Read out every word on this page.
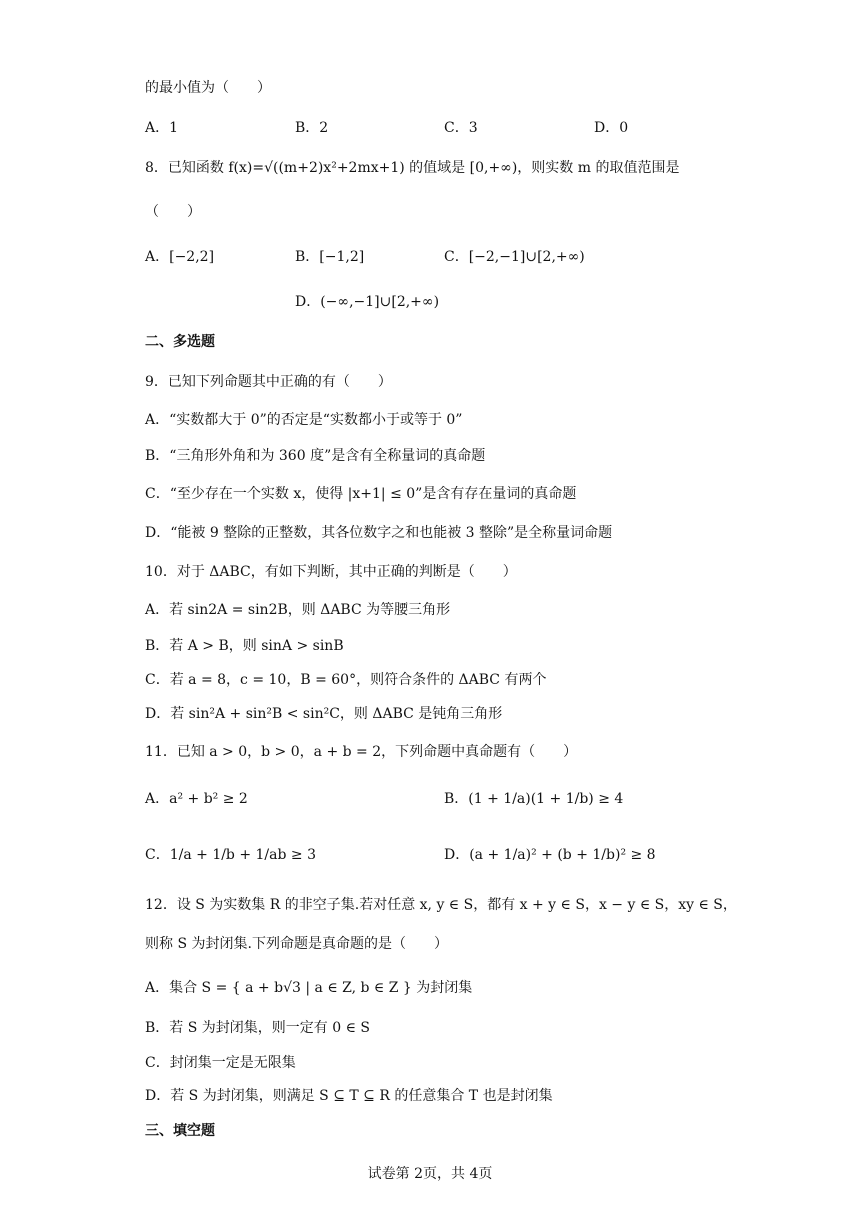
的最小值为（　　）
A．1	B．2	C．3	D．0
8．已知函数 f(x)=√((m+2)x²+2mx+1) 的值域是 [0,+∞)，则实数 m 的取值范围是
（　　）
A．[−2,2]	B．[−1,2]	C．[−2,−1]∪[2,+∞)
D．(−∞,−1]∪[2,+∞)
二、多选题
9．已知下列命题其中正确的有（　　）
A．“实数都大于 0”的否定是“实数都小于或等于 0”
B．“三角形外角和为 360 度”是含有全称量词的真命题
C．“至少存在一个实数 x，使得 |x+1| ≤ 0”是含有存在量词的真命题
D．“能被 9 整除的正整数，其各位数字之和也能被 3 整除”是全称量词命题
10．对于 ΔABC，有如下判断，其中正确的判断是（　　）
A．若 sin2A = sin2B，则 ΔABC 为等腰三角形
B．若 A > B，则 sinA > sinB
C．若 a = 8，c = 10，B = 60°，则符合条件的 ΔABC 有两个
D．若 sin²A + sin²B < sin²C，则 ΔABC 是钝角三角形
11．已知 a > 0，b > 0，a + b = 2，下列命题中真命题有（　　）
A．a² + b² ≥ 2	B．(1 + 1/a)(1 + 1/b) ≥ 4
C．1/a + 1/b + 1/ab ≥ 3	D．(a + 1/a)² + (b + 1/b)² ≥ 8
12．设 S 为实数集 R 的非空子集.若对任意 x, y ∈ S，都有 x + y ∈ S，x − y ∈ S，xy ∈ S，
则称 S 为封闭集.下列命题是真命题的是（　　）
A．集合 S = { a + b√3 | a ∈ Z, b ∈ Z } 为封闭集
B．若 S 为封闭集，则一定有 0 ∈ S
C．封闭集一定是无限集
D．若 S 为封闭集，则满足 S ⊆ T ⊆ R 的任意集合 T 也是封闭集
三、填空题
试卷第 2页，共 4页
